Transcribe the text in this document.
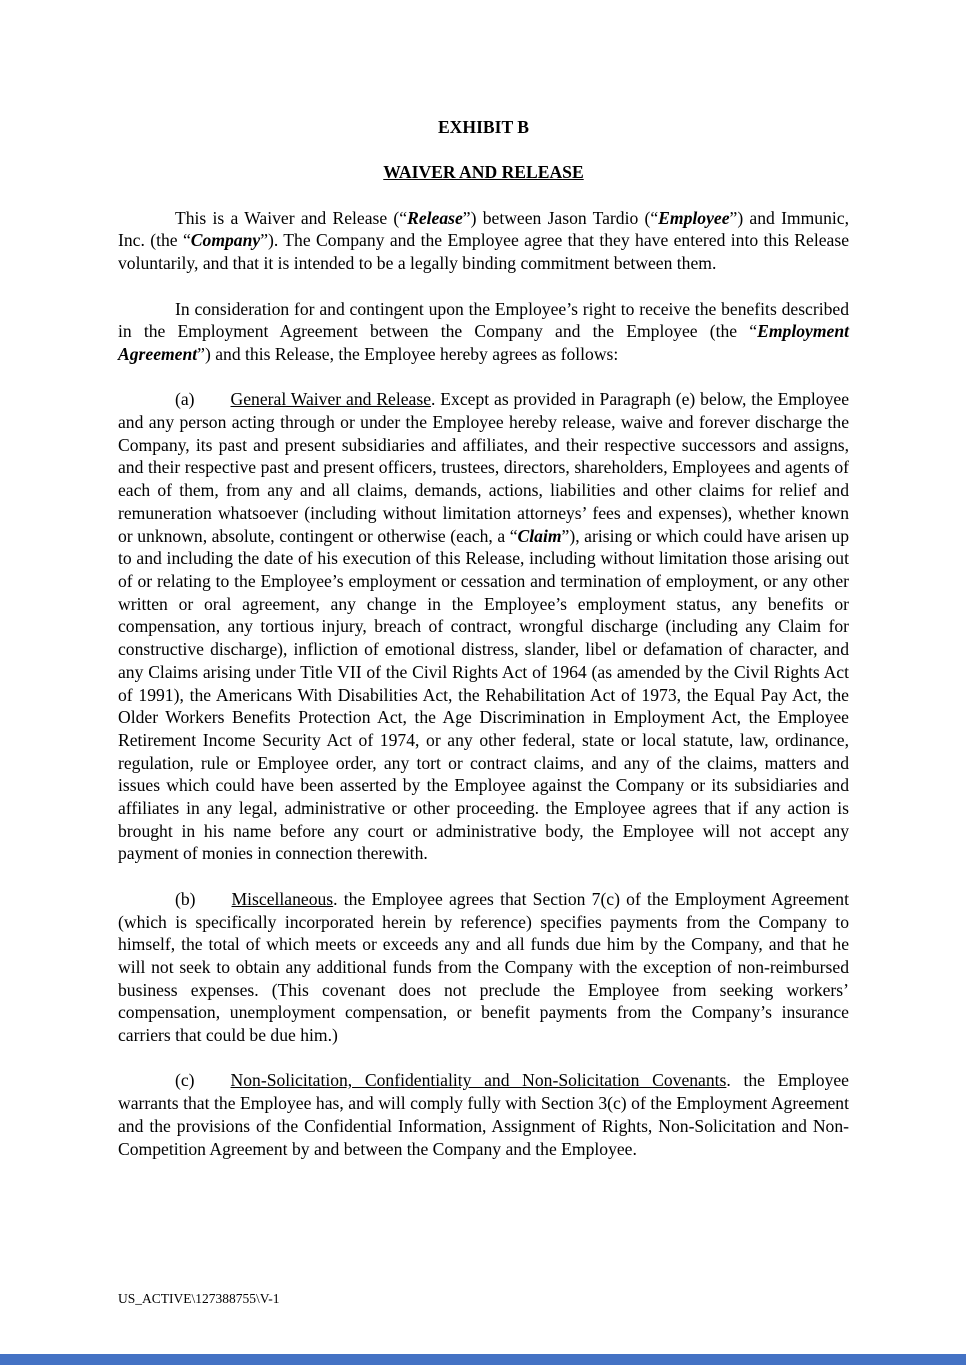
EXHIBIT B
WAIVER AND RELEASE

This is a Waiver and Release (“Release”) between Jason Tardio (“Employee”) and Immunic, Inc. (the “Company”). The Company and the Employee agree that they have entered into this Release voluntarily, and that it is intended to be a legally binding commitment between them.

In consideration for and contingent upon the Employee’s right to receive the benefits described in the Employment Agreement between the Company and the Employee (the “Employment Agreement”) and this Release, the Employee hereby agrees as follows:

(a) General Waiver and Release. Except as provided in Paragraph (e) below, the Employee and any person acting through or under the Employee hereby release, waive and forever discharge the Company, its past and present subsidiaries and affiliates, and their respective successors and assigns, and their respective past and present officers, trustees, directors, shareholders, Employees and agents of each of them, from any and all claims, demands, actions, liabilities and other claims for relief and remuneration whatsoever (including without limitation attorneys’ fees and expenses), whether known or unknown, absolute, contingent or otherwise (each, a “Claim”), arising or which could have arisen up to and including the date of his execution of this Release, including without limitation those arising out of or relating to the Employee’s employment or cessation and termination of employment, or any other written or oral agreement, any change in the Employee’s employment status, any benefits or compensation, any tortious injury, breach of contract, wrongful discharge (including any Claim for constructive discharge), infliction of emotional distress, slander, libel or defamation of character, and any Claims arising under Title VII of the Civil Rights Act of 1964 (as amended by the Civil Rights Act of 1991), the Americans With Disabilities Act, the Rehabilitation Act of 1973, the Equal Pay Act, the Older Workers Benefits Protection Act, the Age Discrimination in Employment Act, the Employee Retirement Income Security Act of 1974, or any other federal, state or local statute, law, ordinance, regulation, rule or Employee order, any tort or contract claims, and any of the claims, matters and issues which could have been asserted by the Employee against the Company or its subsidiaries and affiliates in any legal, administrative or other proceeding. the Employee agrees that if any action is brought in his name before any court or administrative body, the Employee will not accept any payment of monies in connection therewith.

(b) Miscellaneous. the Employee agrees that Section 7(c) of the Employment Agreement (which is specifically incorporated herein by reference) specifies payments from the Company to himself, the total of which meets or exceeds any and all funds due him by the Company, and that he will not seek to obtain any additional funds from the Company with the exception of non-reimbursed business expenses. (This covenant does not preclude the Employee from seeking workers’ compensation, unemployment compensation, or benefit payments from the Company’s insurance carriers that could be due him.)

(c) Non-Solicitation, Confidentiality and Non-Solicitation Covenants. the Employee warrants that the Employee has, and will comply fully with Section 3(c) of the Employment Agreement and the provisions of the Confidential Information, Assignment of Rights, Non-Solicitation and Non-Competition Agreement by and between the Company and the Employee.

US_ACTIVE\127388755\V-1
